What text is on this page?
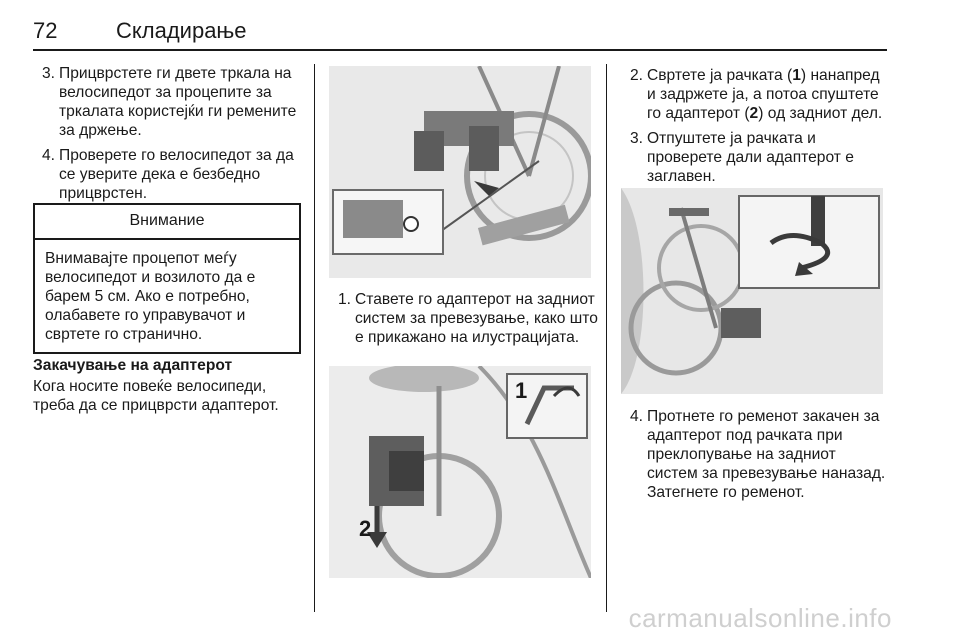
72	Складирање
3. Прицврстете ги двете тркала на велосипедот за процепите за тркалата користејќи ги ремените за држење.
4. Проверете го велосипедот за да се уверите дека е безбедно прицврстен.
Внимание
Внимавајте процепот меѓу велосипедот и возилото да е барем 5 см. Ако е потребно, олабавете го управувачот и свртете го странично.
Закачување на адаптерот
Кога носите повеќе велосипеди, треба да се прицврсти адаптерот.
1. Ставете го адаптерот на задниот систем за превезување, како што е прикажано на илустрацијата.
1
2
2. Свртете ја рачката (1) нанапред и задржете ја, а потоа спуштете го адаптерот (2) од задниот дел.
3. Отпуштете ја рачката и проверете дали адаптерот е заглавен.
4. Протнете го ременот закачен за адаптерот под рачката при преклопување на задниот систем за превезување наназад. Затегнете го ременот.
carmanualsonline.info
